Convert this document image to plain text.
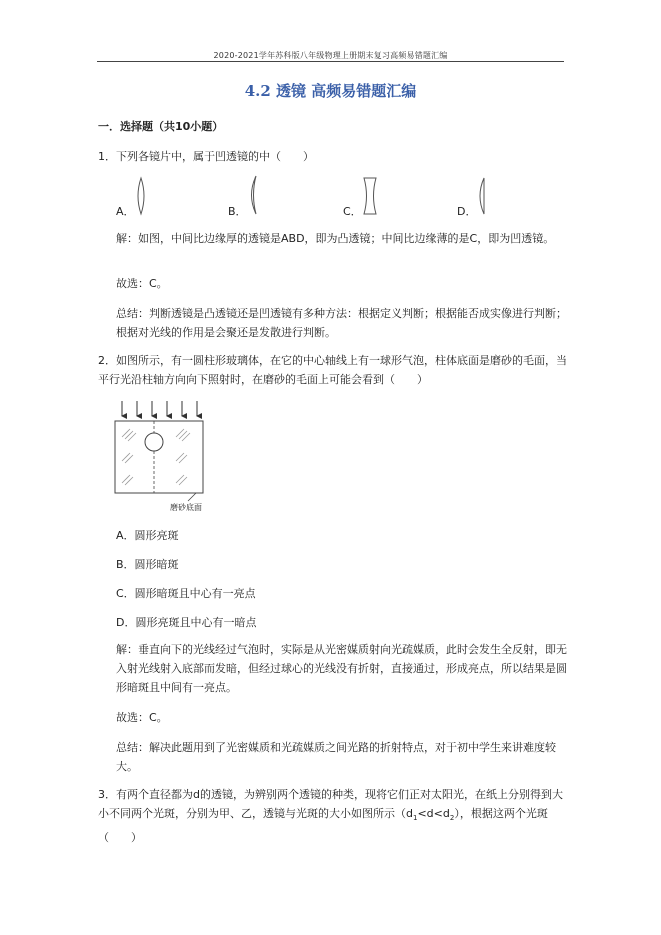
2020-2021学年苏科版八年级物理上册期末复习高频易错题汇编
4.2 透镜 高频易错题汇编
一．选择题（共10小题）
1．下列各镜片中，属于凹透镜的中（　　）
A．	B．	C．	D．
解：如图，中间比边缘厚的透镜是ABD，即为凸透镜；中间比边缘薄的是C，即为凹透镜。
故选：C。
总结：判断透镜是凸透镜还是凹透镜有多种方法：根据定义判断；根据能否成实像进行判断；根据对光线的作用是会聚还是发散进行判断。
2．如图所示，有一圆柱形玻璃体，在它的中心轴线上有一球形气泡，柱体底面是磨砂的毛面，当平行光沿柱轴方向向下照射时，在磨砂的毛面上可能会看到（　　）
磨砂底面
A．圆形亮斑
B．圆形暗斑
C．圆形暗斑且中心有一亮点
D．圆形亮斑且中心有一暗点
解：垂直向下的光线经过气泡时，实际是从光密媒质射向光疏媒质，此时会发生全反射，即无入射光线射入底部而发暗，但经过球心的光线没有折射，直接通过，形成亮点，所以结果是圆形暗斑且中间有一亮点。
故选：C。
总结：解决此题用到了光密媒质和光疏媒质之间光路的折射特点，对于初中学生来讲难度较大。
3．有两个直径都为d的透镜，为辨别两个透镜的种类，现将它们正对太阳光，在纸上分别得到大小不同两个光斑，分别为甲、乙，透镜与光斑的大小如图所示$(d_1<d<d_2)$，根据这两个光斑（　　）
